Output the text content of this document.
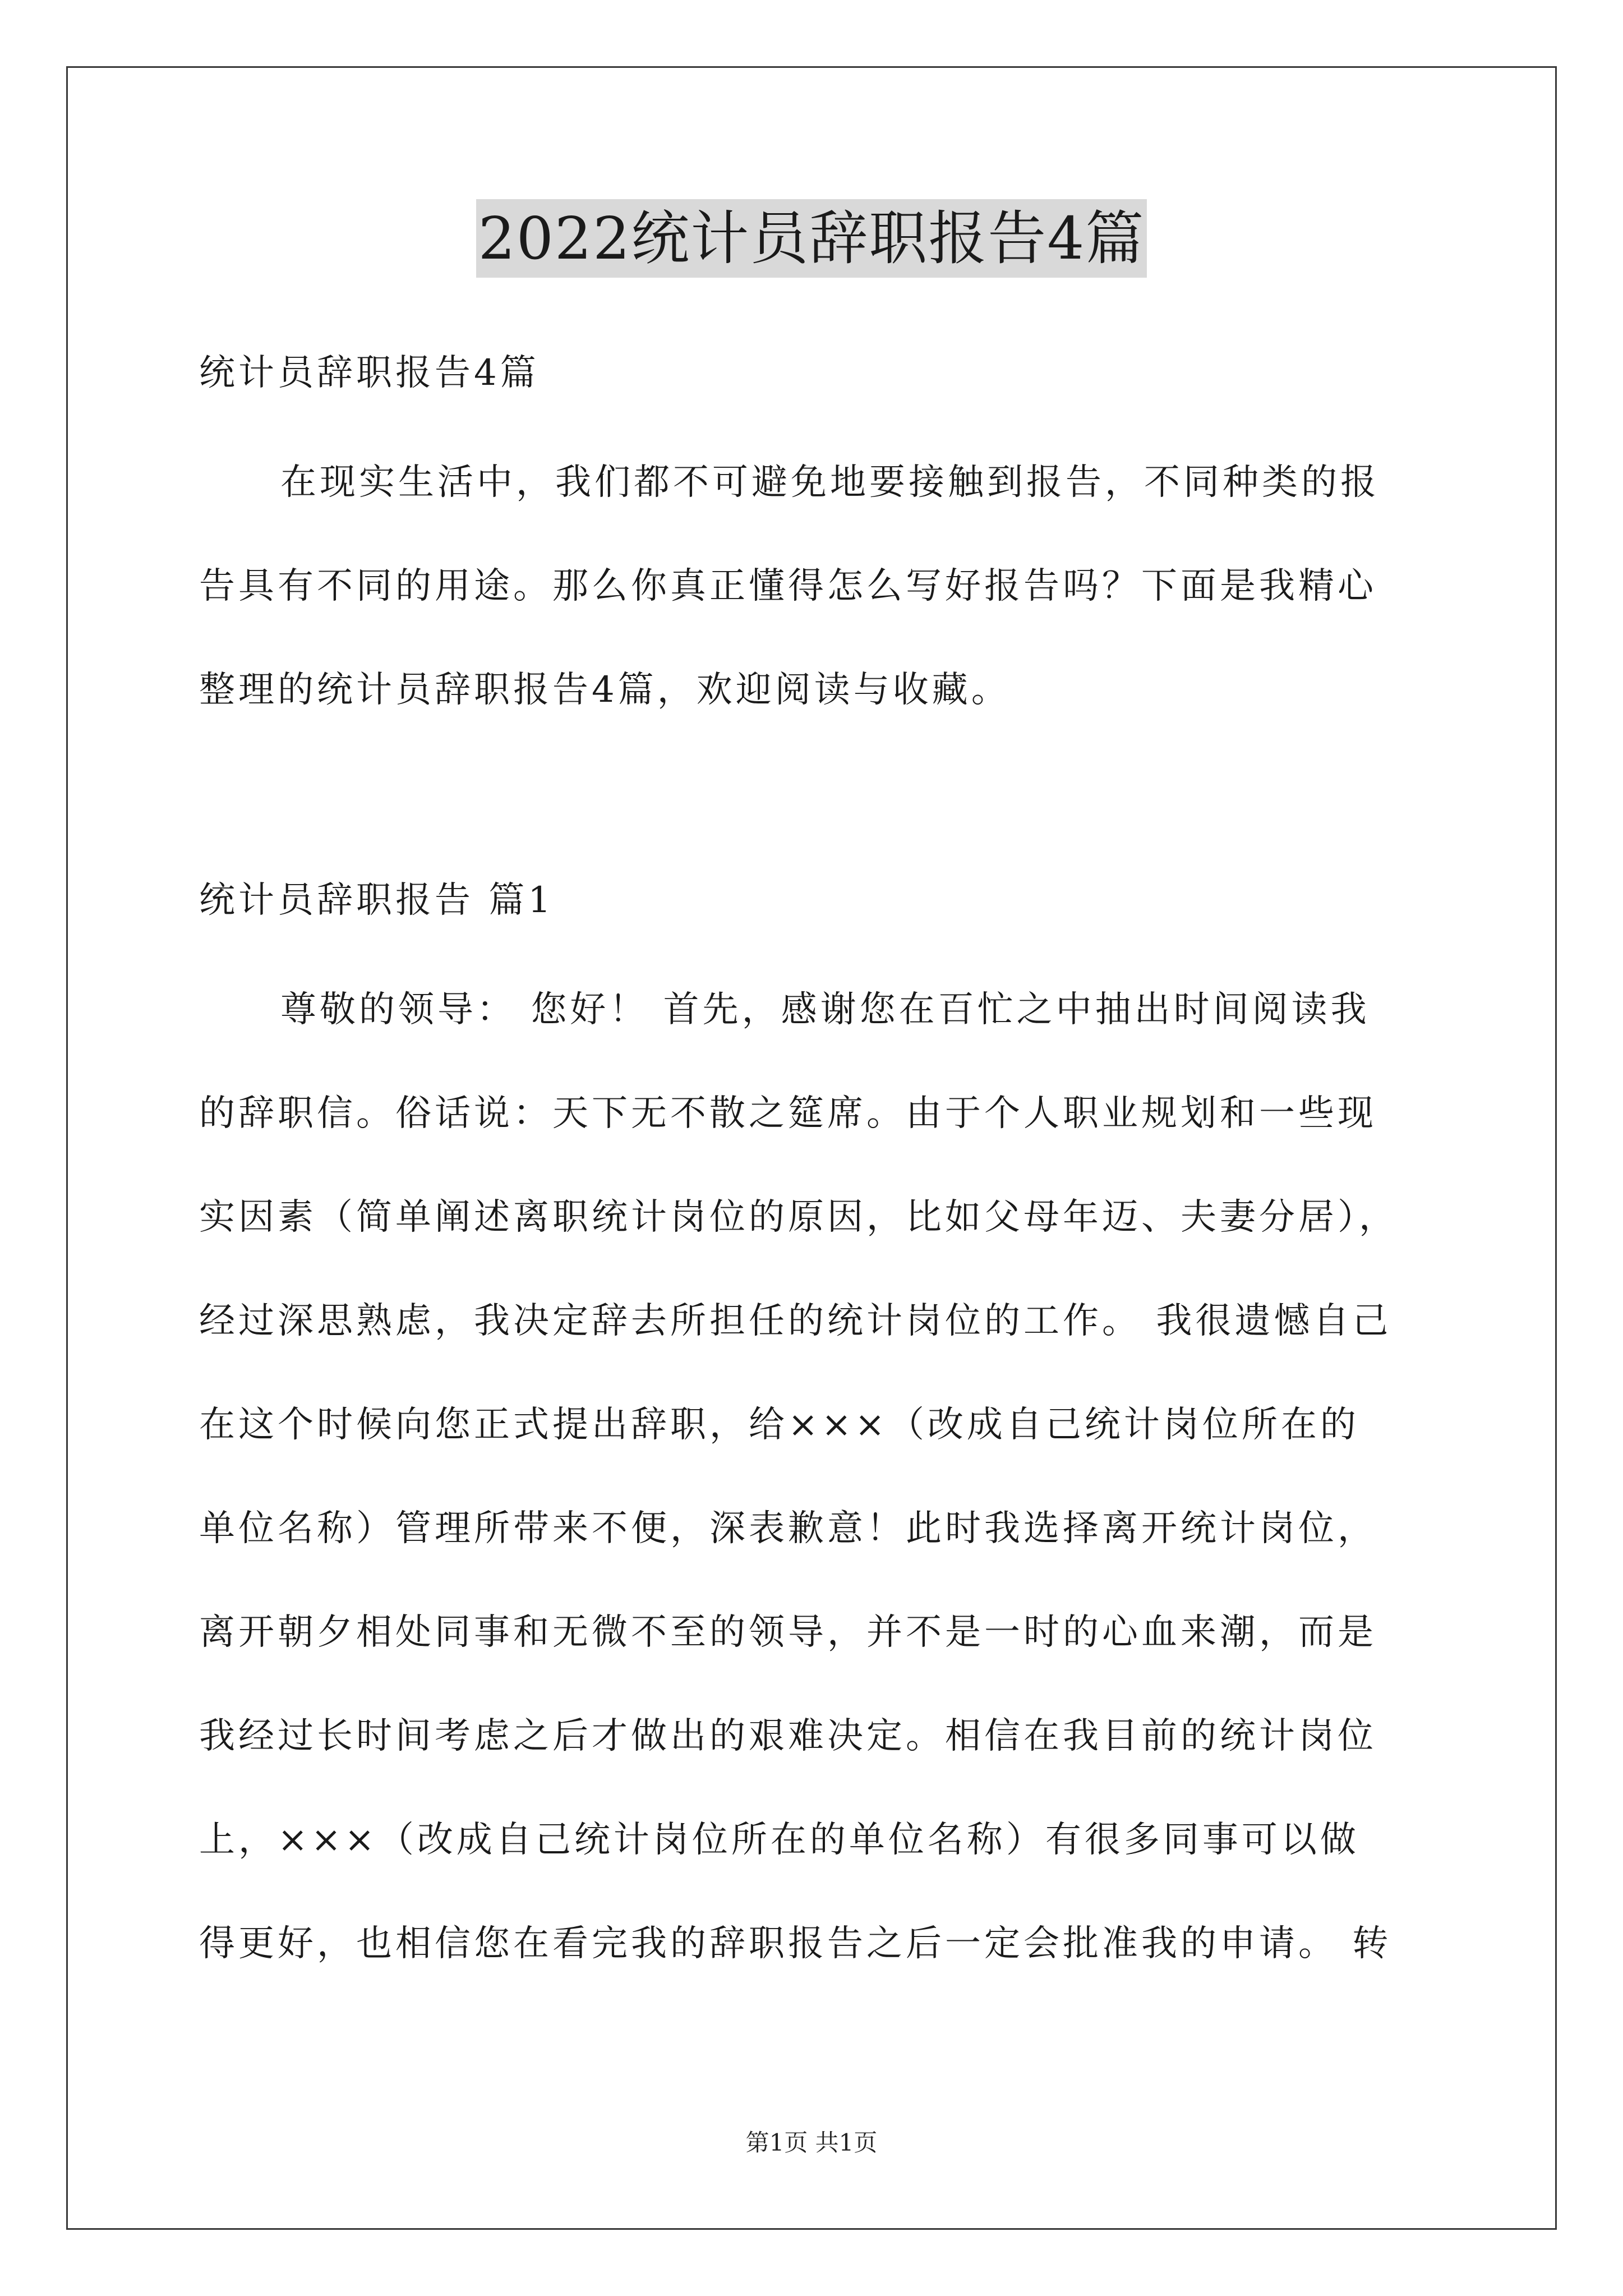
2022统计员辞职报告4篇
统计员辞职报告4篇
在现实生活中，我们都不可避免地要接触到报告，不同种类的报
告具有不同的用途。那么你真正懂得怎么写好报告吗？下面是我精心
整理的统计员辞职报告4篇，欢迎阅读与收藏。
统计员辞职报告 篇1
尊敬的领导： 您好！ 首先，感谢您在百忙之中抽出时间阅读我
的辞职信。俗话说：天下无不散之筵席。由于个人职业规划和一些现
实因素（简单阐述离职统计岗位的原因，比如父母年迈、夫妻分居），
经过深思熟虑，我决定辞去所担任的统计岗位的工作。 我很遗憾自己
在这个时候向您正式提出辞职，给×××（改成自己统计岗位所在的
单位名称）管理所带来不便，深表歉意！此时我选择离开统计岗位，
离开朝夕相处同事和无微不至的领导，并不是一时的心血来潮，而是
我经过长时间考虑之后才做出的艰难决定。相信在我目前的统计岗位
上，×××（改成自己统计岗位所在的单位名称）有很多同事可以做
得更好，也相信您在看完我的辞职报告之后一定会批准我的申请。 转
第1页 共1页
